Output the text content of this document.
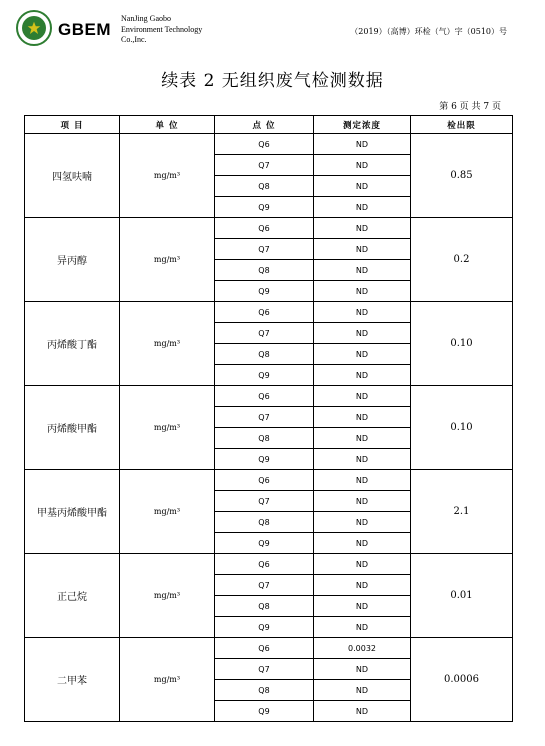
GBEM
NanJing Gaobo
Environment Technology
Co.,Inc.
（2019）（高博）环检（气）字（0510）号
续表 2 无组织废气检测数据
第 6 页 共 7 页
项 目	单 位	点 位	测定浓度	检出限
四氢呋喃	mg/m³	Q6	ND	0.85
		Q7	ND	
		Q8	ND	
		Q9	ND	
异丙醇	mg/m³	Q6	ND	0.2
		Q7	ND	
		Q8	ND	
		Q9	ND	
丙烯酸丁酯	mg/m³	Q6	ND	0.10
		Q7	ND	
		Q8	ND	
		Q9	ND	
丙烯酸甲酯	mg/m³	Q6	ND	0.10
		Q7	ND	
		Q8	ND	
		Q9	ND	
甲基丙烯酸甲酯	mg/m³	Q6	ND	2.1
		Q7	ND	
		Q8	ND	
		Q9	ND	
正己烷	mg/m³	Q6	ND	0.01
		Q7	ND	
		Q8	ND	
		Q9	ND	
二甲苯	mg/m³	Q6	0.0032	0.0006
		Q7	ND	
		Q8	ND	
		Q9	ND	
